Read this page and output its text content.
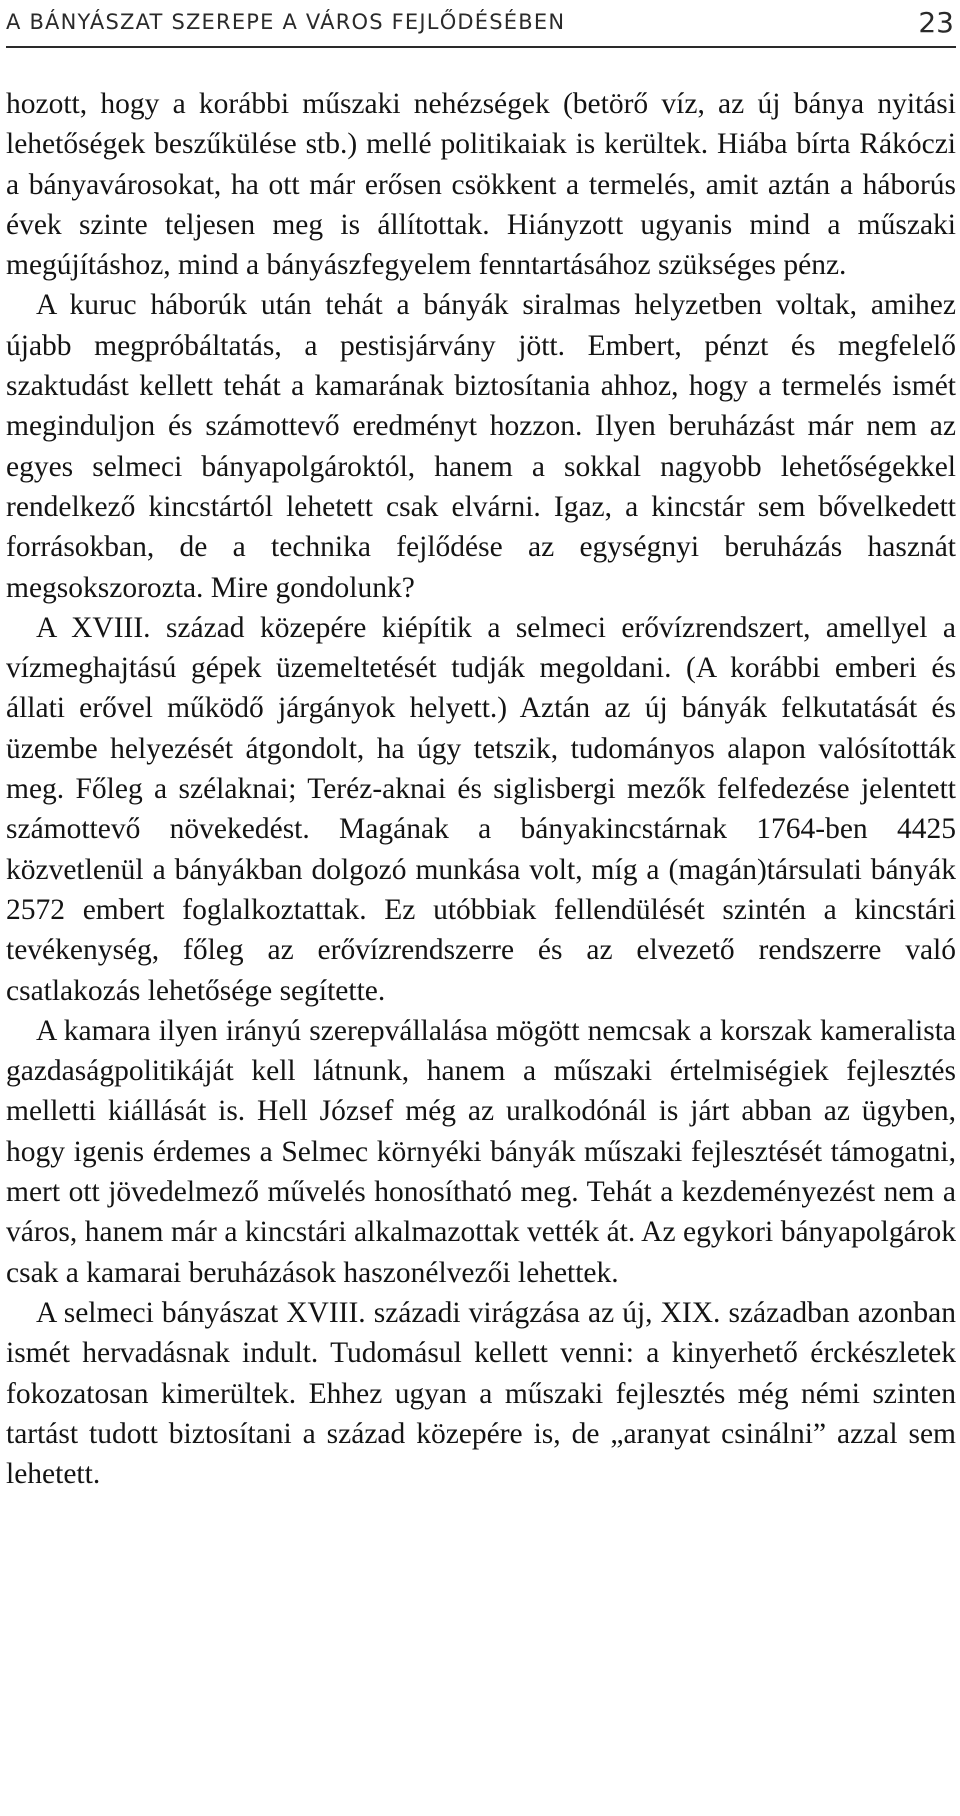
A BÁNYÁSZAT SZEREPE A VÁROS FEJLŐDÉSÉBEN	23

hozott, hogy a korábbi műszaki nehézségek (betörő víz, az új bánya nyitási lehetőségek beszűkülése stb.) mellé politikaiak is kerültek. Hiába bírta Rákóczi a bányavárosokat, ha ott már erősen csökkent a termelés, amit aztán a háborús évek szinte teljesen meg is állítottak. Hiányzott ugyanis mind a műszaki megújításhoz, mind a bányászfegyelem fenntartásához szükséges pénz.

A kuruc háborúk után tehát a bányák siralmas helyzetben voltak, amihez újabb megpróbáltatás, a pestisjárvány jött. Embert, pénzt és megfelelő szaktudást kellett tehát a kamarának biztosítania ahhoz, hogy a termelés ismét meginduljon és számottevő eredményt hozzon. Ilyen beruházást már nem az egyes selmeci bányapolgároktól, hanem a sokkal nagyobb lehetőségekkel rendelkező kincstártól lehetett csak elvárni. Igaz, a kincstár sem bővelkedett forrásokban, de a technika fejlődése az egységnyi beruházás hasznát megsokszorozta. Mire gondolunk?

A XVIII. század közepére kiépítik a selmeci erővízrendszert, amellyel a vízmeghajtású gépek üzemeltetését tudják megoldani. (A korábbi emberi és állati erővel működő járgányok helyett.) Aztán az új bányák felkutatását és üzembe helyezését átgondolt, ha úgy tetszik, tudományos alapon valósították meg. Főleg a szélaknai; Teréz-aknai és siglisbergi mezők felfedezése jelentett számottevő növekedést. Magának a bányakincstárnak 1764-ben 4425 közvetlenül a bányákban dolgozó munkása volt, míg a (magán)társulati bányák 2572 embert foglalkoztattak. Ez utóbbiak fellendülését szintén a kincstári tevékenység, főleg az erővízrendszerre és az elvezető rendszerre való csatlakozás lehetősége segítette.

A kamara ilyen irányú szerepvállalása mögött nemcsak a korszak kameralista gazdaságpolitikáját kell látnunk, hanem a műszaki értelmiségiek fejlesztés melletti kiállását is. Hell József még az uralkodónál is járt abban az ügyben, hogy igenis érdemes a Selmec környéki bányák műszaki fejlesztését támogatni, mert ott jövedelmező művelés honosítható meg. Tehát a kezdeményezést nem a város, hanem már a kincstári alkalmazottak vették át. Az egykori bányapolgárok csak a kamarai beruházások haszonélvezői lehettek.

A selmeci bányászat XVIII. századi virágzása az új, XIX. században azonban ismét hervadásnak indult. Tudomásul kellett venni: a kinyerhető érckészletek fokozatosan kimerültek. Ehhez ugyan a műszaki fejlesztés még némi szinten tartást tudott biztosítani a század közepére is, de „aranyat csinálni” azzal sem lehetett.
